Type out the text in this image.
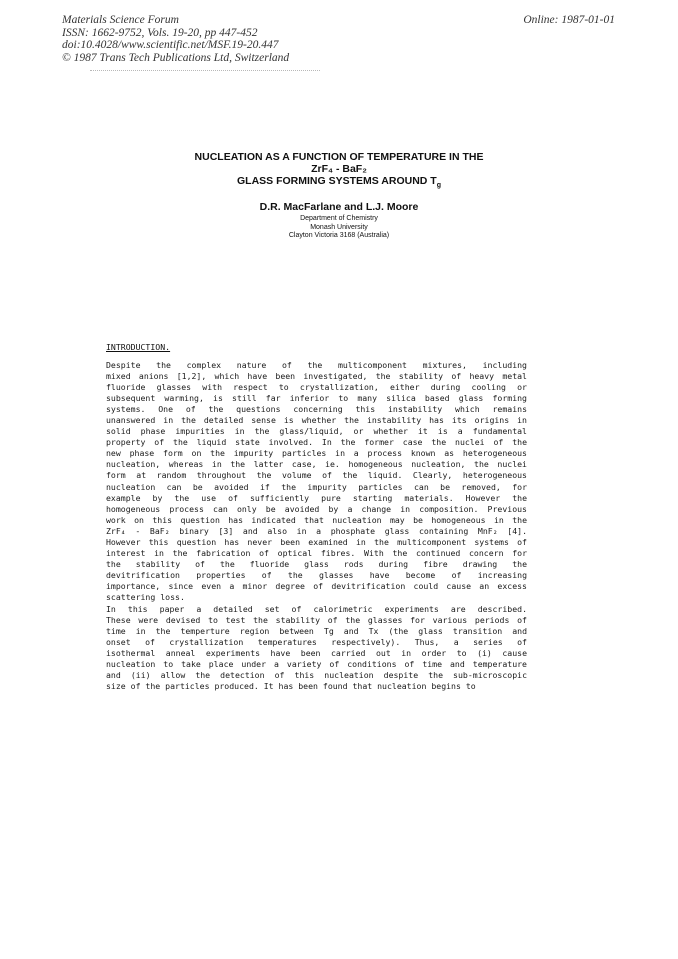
Materials Science Forum
ISSN: 1662-9752, Vols. 19-20, pp 447-452
doi:10.4028/www.scientific.net/MSF.19-20.447
© 1987 Trans Tech Publications Ltd, Switzerland
Online: 1987-01-01
NUCLEATION AS A FUNCTION OF TEMPERATURE IN THE
ZrF₄ - BaF₂
GLASS FORMING SYSTEMS AROUND $T_g$
D.R. MacFarlane and L.J. Moore
Department of Chemistry
Monash University
Clayton Victoria 3168 (Australia)
INTRODUCTION.
Despite the complex nature of the multicomponent mixtures, including
mixed anions [1,2], which have been investigated, the stability of heavy metal
fluoride glasses with respect to crystallization, either during cooling or
subsequent warming, is still far inferior to many silica based glass forming
systems. One of the questions concerning this instability which remains
unanswered in the detailed sense is whether the instability has its origins in
solid phase impurities in the glass/liquid, or whether it is a fundamental
property of the liquid state involved. In the former case the nuclei of the
new phase form on the impurity particles in a process known as heterogeneous
nucleation, whereas in the latter case, ie. homogeneous nucleation, the nuclei
form at random throughout the volume of the liquid. Clearly, heterogeneous
nucleation can be avoided if the impurity particles can be removed, for
example by the use of sufficiently pure starting materials. However the
homogeneous process can only be avoided by a change in composition. Previous
work on this question has indicated that nucleation may be homogeneous in the
ZrF₄ - BaF₂ binary [3] and also in a phosphate glass containing MnF₂ [4].
However this question has never been examined in the multicomponent systems of
interest in the fabrication of optical fibres. With the continued concern for
the stability of the fluoride glass rods during fibre drawing the
devitrification properties of the glasses have become of increasing
importance, since even a minor degree of devitrification could cause an excess
scattering loss.
In this paper a detailed set of calorimetric experiments are described.
These were devised to test the stability of the glasses for various periods of
time in the temperture region between Tg and Tx (the glass transition and
onset of crystallization temperatures respectively). Thus, a series of
isothermal anneal experiments have been carried out in order to (i) cause
nucleation to take place under a variety of conditions of time and temperature
and (ii) allow the detection of this nucleation despite the sub-microscopic
size of the particles produced. It has been found that nucleation begins to
